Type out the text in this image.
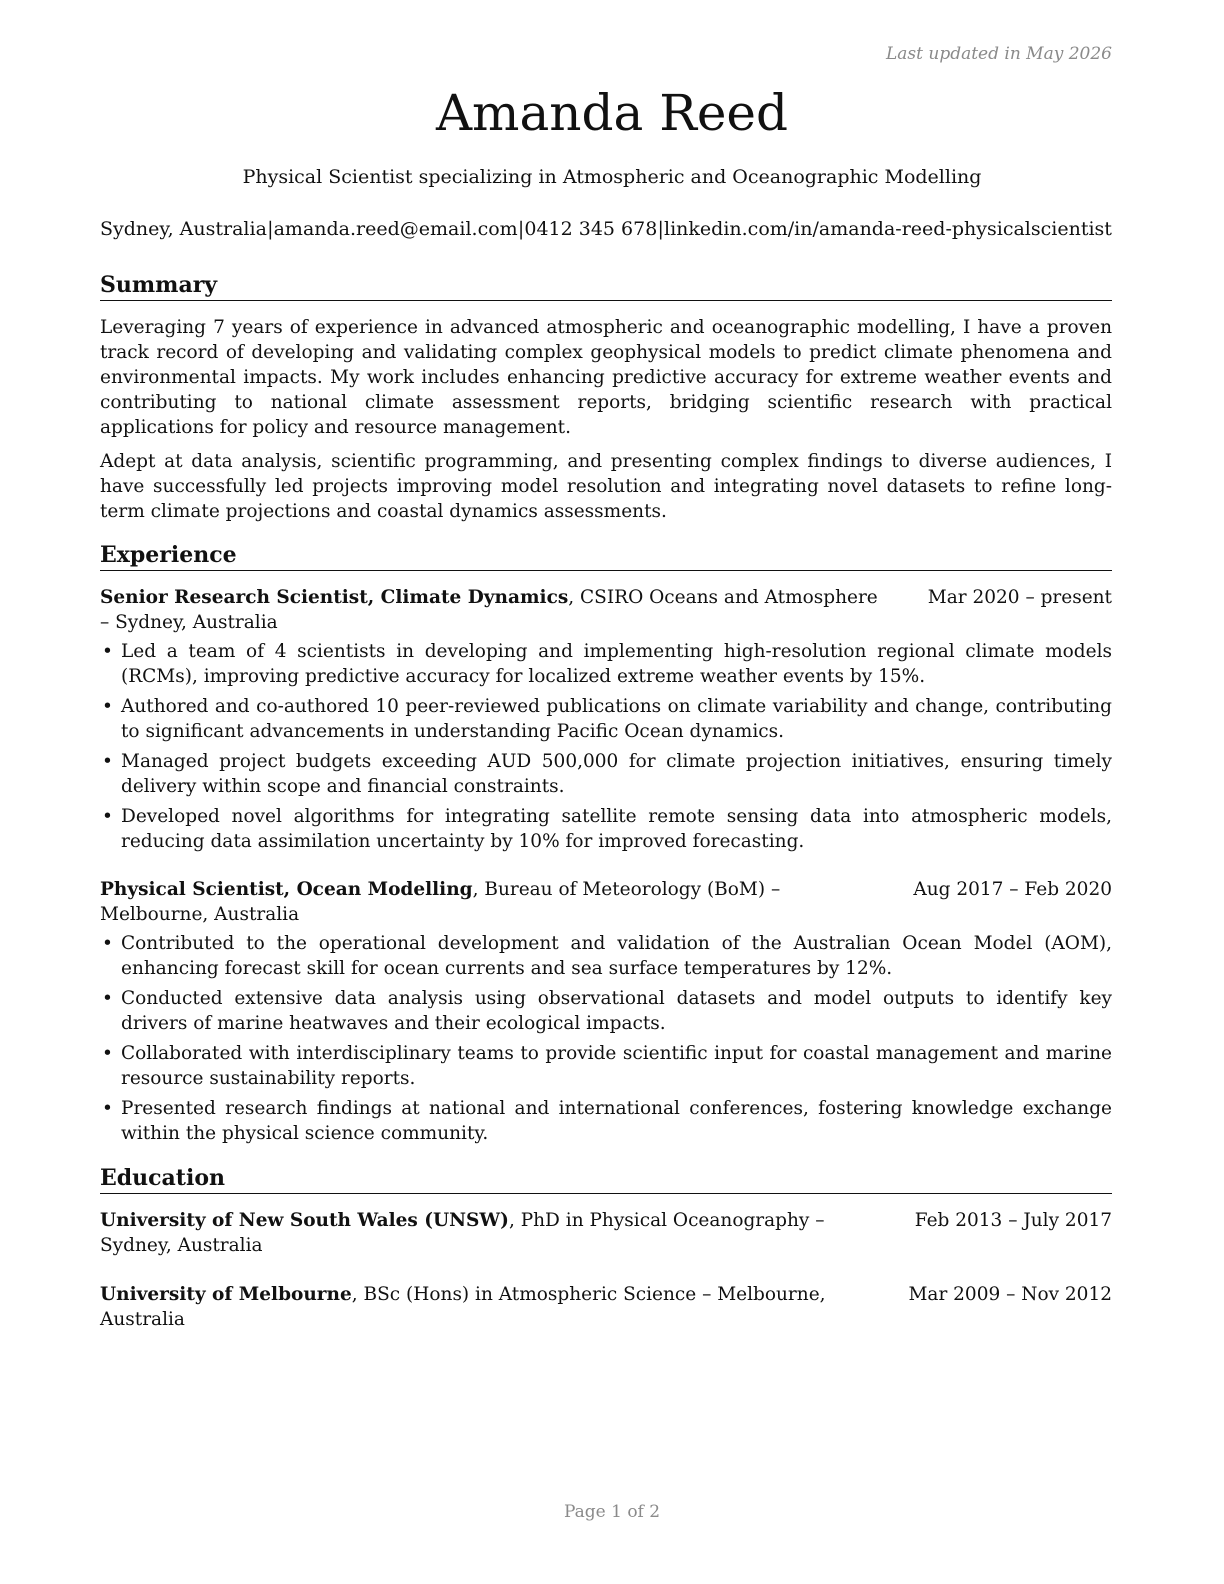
Last updated in May 2026
Amanda Reed
Physical Scientist specializing in Atmospheric and Oceanographic Modelling
Sydney, Australia | amanda.reed@email.com | 0412 345 678 | linkedin.com/in/amanda-reed-physicalscientist
Summary

Leveraging 7 years of experience in advanced atmospheric and oceanographic modelling, I have a proven track record of developing and validating complex geophysical models to predict climate phenomena and environmental impacts. My work includes enhancing predictive accuracy for extreme weather events and contributing to national climate assessment reports, bridging scientific research with practical applications for policy and resource management.

Adept at data analysis, scientific programming, and presenting complex findings to diverse audiences, I have successfully led projects improving model resolution and integrating novel datasets to refine long-term climate projections and coastal dynamics assessments.

Experience
Senior Research Scientist, Climate Dynamics, CSIRO Oceans and Atmosphere – Sydney, Australia
Mar 2020 – present
• Led a team of 4 scientists in developing and implementing high-resolution regional climate models (RCMs), improving predictive accuracy for localized extreme weather events by 15%.
• Authored and co-authored 10 peer-reviewed publications on climate variability and change, contributing to significant advancements in understanding Pacific Ocean dynamics.
• Managed project budgets exceeding AUD 500,000 for climate projection initiatives, ensuring timely delivery within scope and financial constraints.
• Developed novel algorithms for integrating satellite remote sensing data into atmospheric models, reducing data assimilation uncertainty by 10% for improved forecasting.
Physical Scientist, Ocean Modelling, Bureau of Meteorology (BoM) – Melbourne, Australia
Aug 2017 – Feb 2020
• Contributed to the operational development and validation of the Australian Ocean Model (AOM), enhancing forecast skill for ocean currents and sea surface temperatures by 12%.
• Conducted extensive data analysis using observational datasets and model outputs to identify key drivers of marine heatwaves and their ecological impacts.
• Collaborated with interdisciplinary teams to provide scientific input for coastal management and marine resource sustainability reports.
• Presented research findings at national and international conferences, fostering knowledge exchange within the physical science community.
Education
University of New South Wales (UNSW), PhD in Physical Oceanography – Sydney, Australia
Feb 2013 – July 2017
University of Melbourne, BSc (Hons) in Atmospheric Science – Melbourne, Australia
Mar 2009 – Nov 2012
Page 1 of 2
